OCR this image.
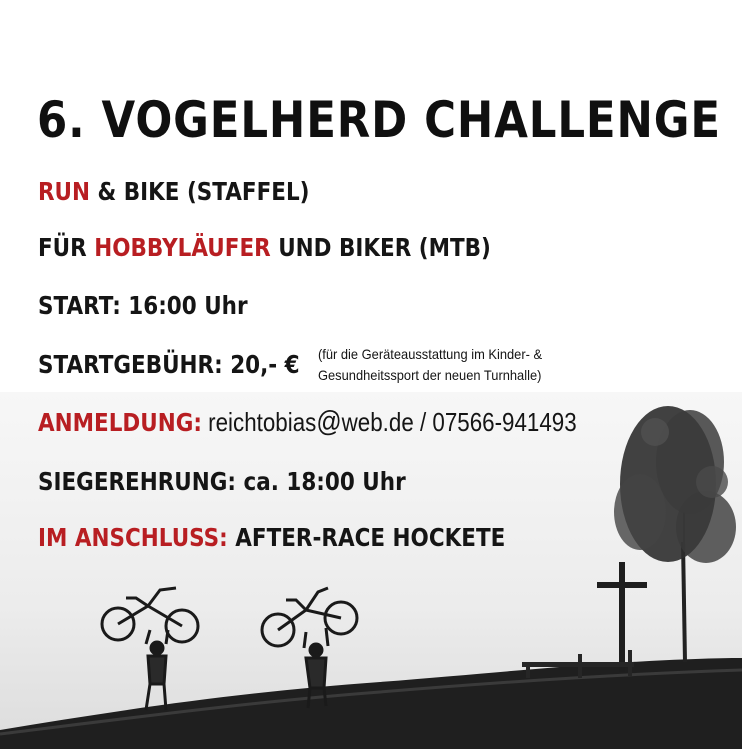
6. VOGELHERD CHALLENGE
RUN & BIKE (STAFFEL)
FÜR HOBBYLÄUFER UND BIKER (MTB)
START: 16:00 Uhr
STARTGEBÜHR: 20,- € (für die Geräteausstattung im Kinder- &
Gesundheitssport der neuen Turnhalle)
ANMELDUNG: reichtobias@web.de / 07566-941493
SIEGEREHRUNG: ca. 18:00 Uhr
IM ANSCHLUSS: AFTER-RACE HOCKETE
